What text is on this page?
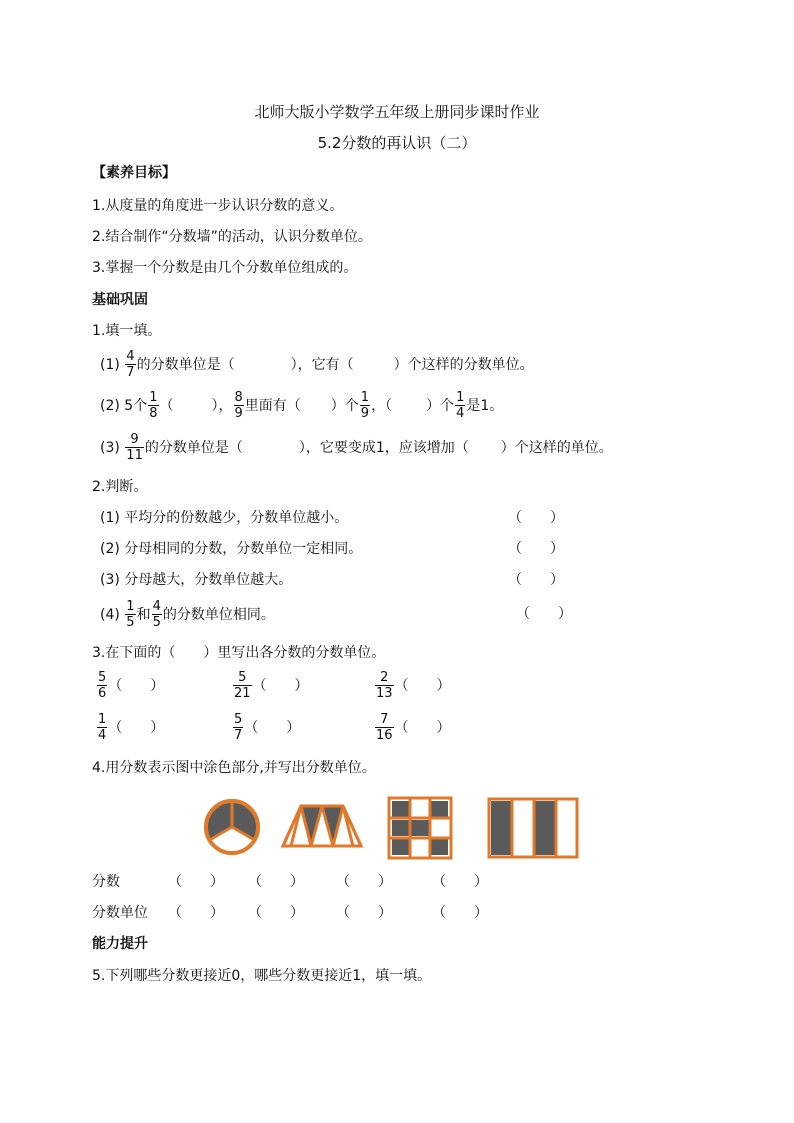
北师大版小学数学五年级上册同步课时作业
5.2分数的再认识（二）
【素养目标】
1.从度量的角度进一步认识分数的意义。
2.结合制作“分数墙”的活动，认识分数单位。
3.掌握一个分数是由几个分数单位组成的。
基础巩固
1.填一填。
(1)
$\frac{4}{7}$ 的分数单位是（	），它有（	）个这样的分数单位。
(2)
5个 $\frac{1}{8}$ （	）， $\frac{8}{9}$ 里面有（ ）个 $\frac{1}{9}$ ，（ ）个 $\frac{1}{4}$ 是1。
(3)
$\frac{9}{11}$ 的分数单位是（	），它要变成1，应该增加（ ）个这样的单位。
2.判断。
(1) 平均分的份数越少，分数单位越小。	（　　）
(2) 分母相同的分数，分数单位一定相同。	（　　）
(3) 分母越大，分数单位越大。	（　　）
(4)
$\frac{1}{5}$ 和 $\frac{4}{5}$ 的分数单位相同。	（　　）
3.在下面的（　　）里写出各分数的分数单位。
$\frac{5}{6}$ （　　）	$\frac{5}{21}$ （　　）	$\frac{2}{13}$ （　　）
$\frac{1}{4}$ （　　）	$\frac{5}{7}$ （　　）	$\frac{7}{16}$ （　　）
4.用分数表示图中涂色部分,并写出分数单位。
分数	（　　） （　　） （　　）	（　　）
分数单位 （　　） （　　） （　　）	（　　）
能力提升
5.下列哪些分数更接近0，哪些分数更接近1，填一填。
